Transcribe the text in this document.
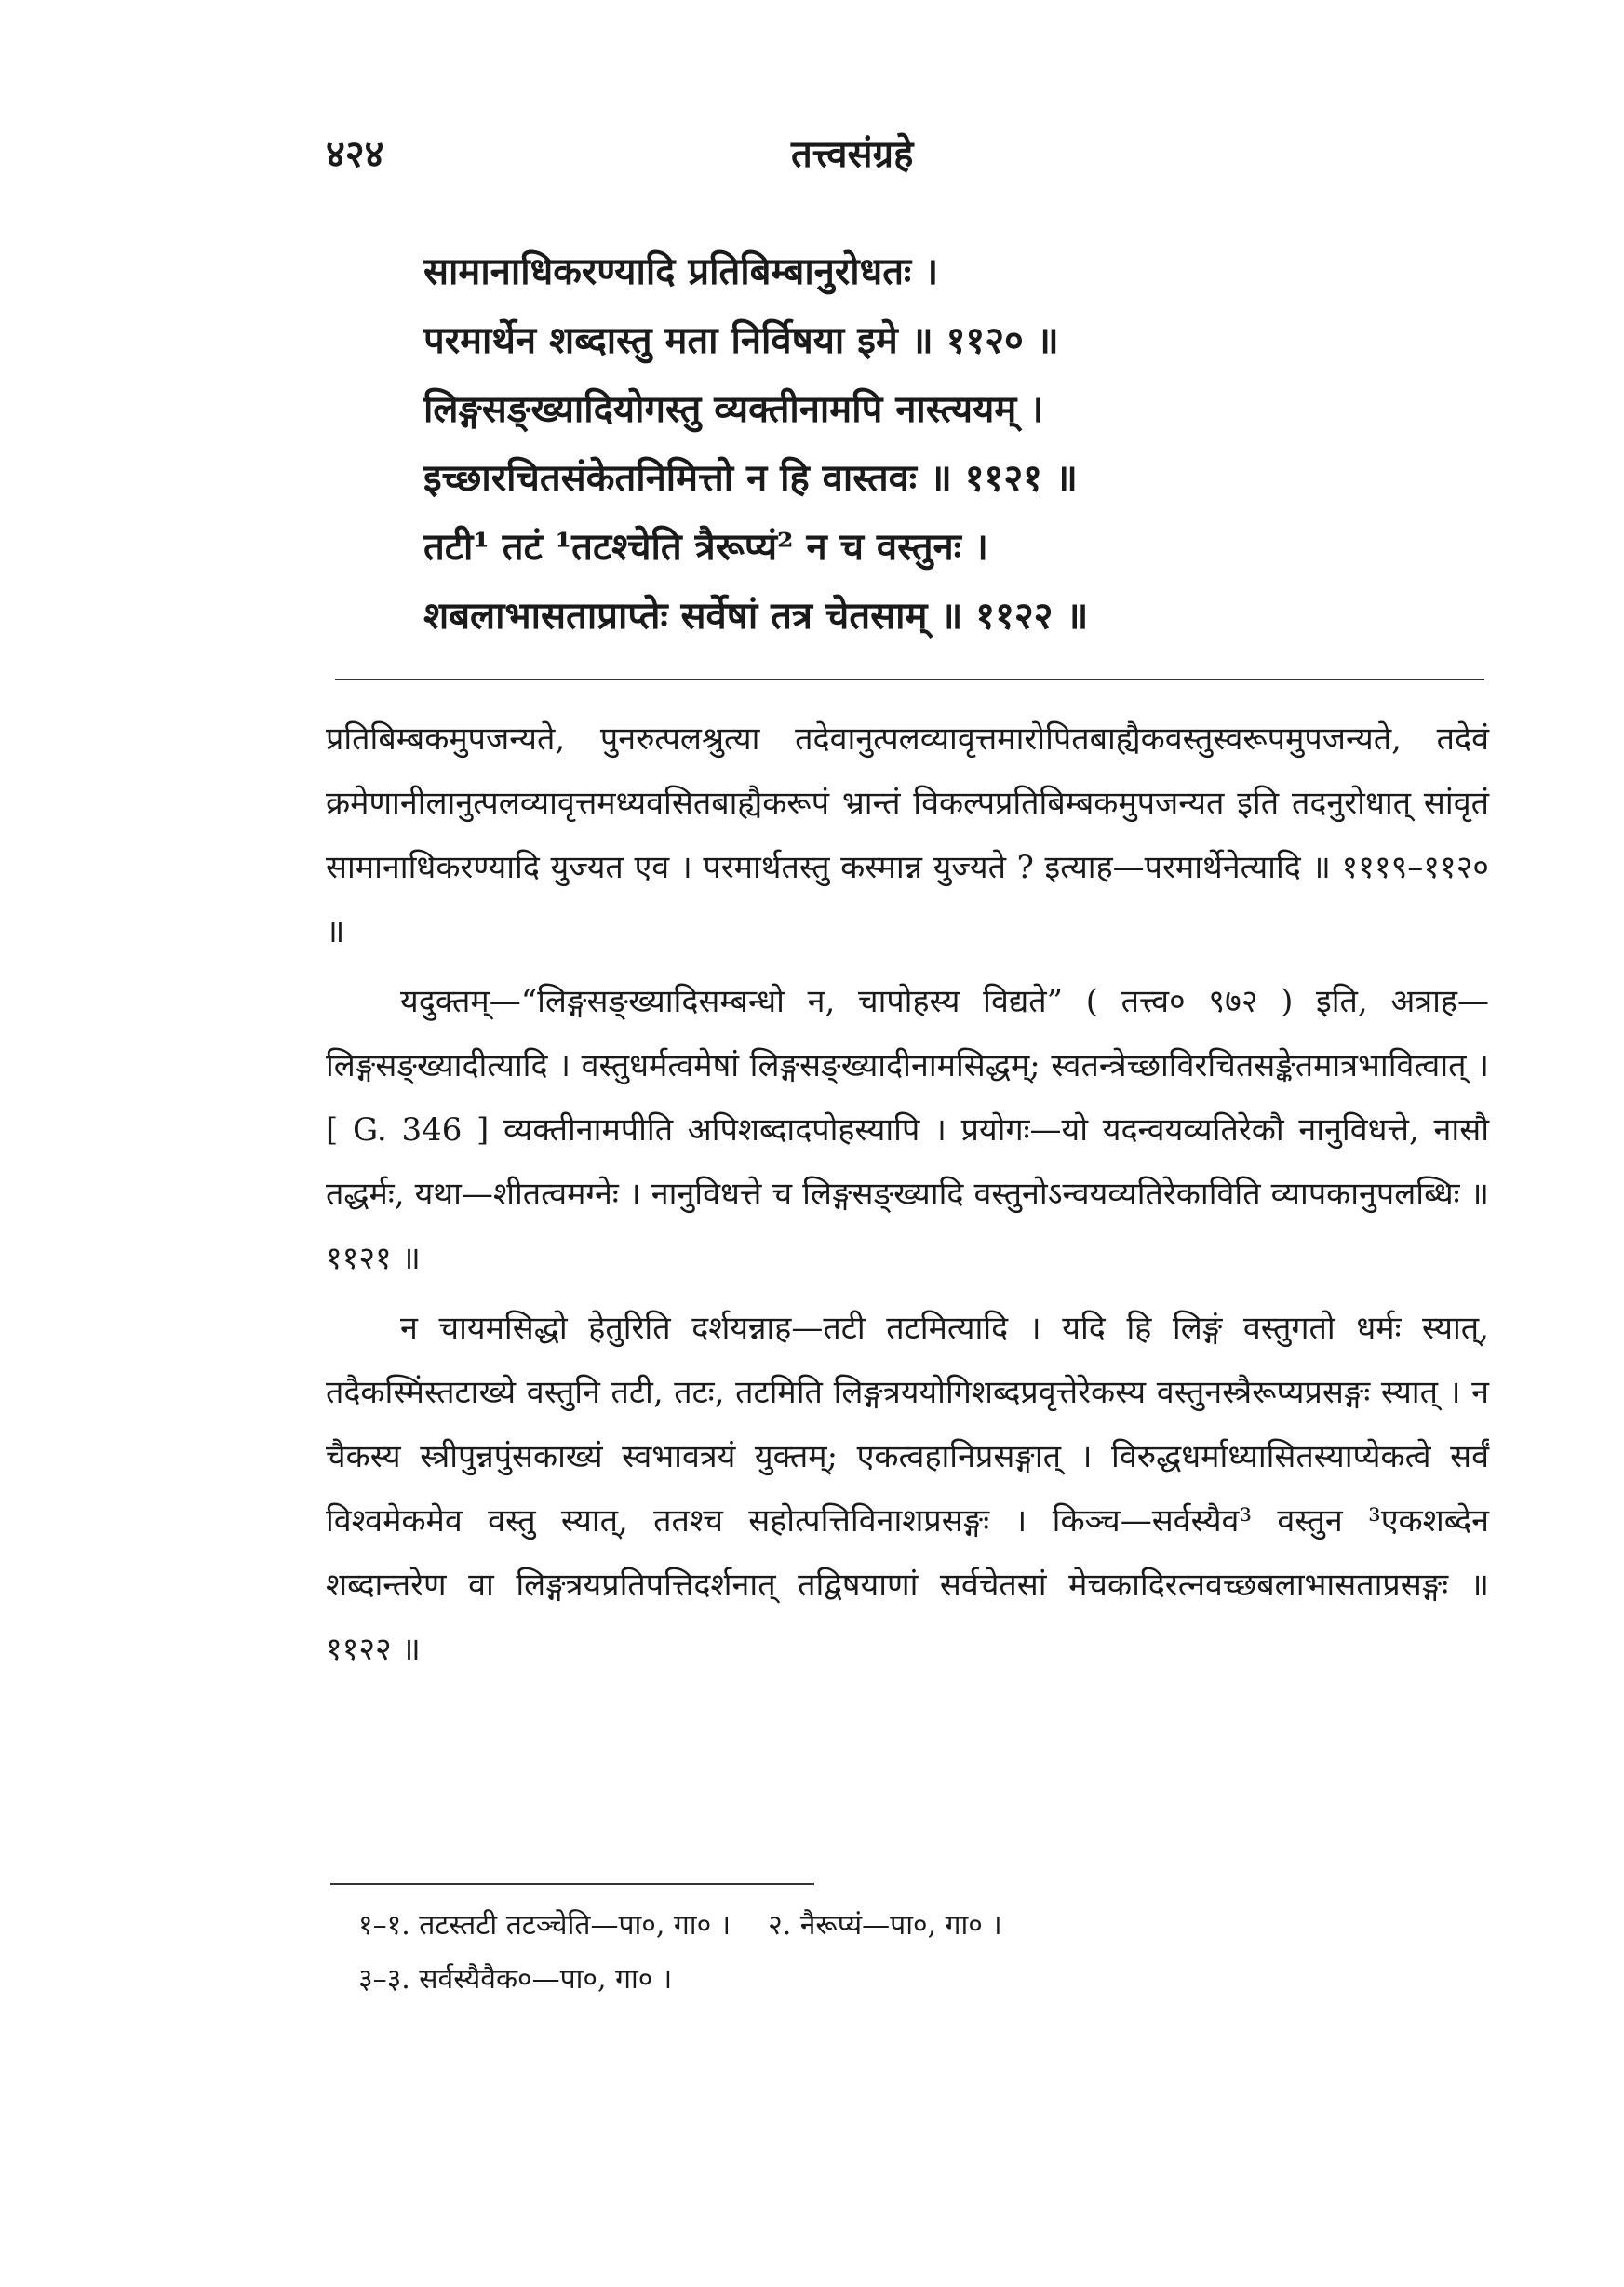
४२४	तत्त्वसंग्रहे
सामानाधिकरण्यादि प्रतिबिम्बानुरोधतः ।
परमार्थेन शब्दास्तु मता निर्विषया इमे ॥ ११२० ॥
लिङ्गसङ्ख्यादियोगस्तु व्यक्तीनामपि नास्त्ययम् ।
इच्छारचितसंकेतनिमित्तो न हि वास्तवः ॥ ११२१ ॥
तटी¹ तटं ¹तटश्चेति त्रैरूप्यं² न च वस्तुनः ।
शबलाभासताप्राप्तेः सर्वेषां तत्र चेतसाम् ॥ ११२२ ॥

प्रतिबिम्बकमुपजन्यते, पुनरुत्पलश्रुत्या तदेवानुत्पलव्यावृत्तमारोपितबाह्यैकवस्तुस्वरूपमुपजन्यते, तदेवं क्रमेणानीलानुत्पलव्यावृत्तमध्यवसितबाह्यैकरूपं भ्रान्तं विकल्पप्रतिबिम्बकमुपजन्यत इति तदनुरोधात् सांवृतं सामानाधिकरण्यादि युज्यत एव । परमार्थतस्तु कस्मान्न युज्यते ? इत्याह—परमार्थेनेत्यादि ॥ १११९–११२० ॥

यदुक्तम्—“लिङ्गसङ्ख्यादिसम्बन्धो न, चापोहस्य विद्यते” ( तत्त्व० ९७२ ) इति, अत्राह—लिङ्गसङ्ख्यादीत्यादि । वस्तुधर्मत्वमेषां लिङ्गसङ्ख्यादीनामसिद्धम्; स्वतन्त्रेच्छाविरचितसङ्केतमात्रभावित्वात् । [ G. 346 ] व्यक्तीनामपीति अपिशब्दादपोहस्यापि । प्रयोगः—यो यदन्वयव्यतिरेकौ नानुविधत्ते, नासौ तद्धर्मः, यथा—शीतत्वमग्नेः । नानुविधत्ते च लिङ्गसङ्ख्यादि वस्तुनोऽन्वयव्यतिरेकाविति व्यापकानुपलब्धिः ॥ ११२१ ॥

न चायमसिद्धो हेतुरिति दर्शयन्नाह—तटी तटमित्यादि । यदि हि लिङ्गं वस्तुगतो धर्मः स्यात्, तदैकस्मिंस्तटाख्ये वस्तुनि तटी, तटः, तटमिति लिङ्गत्रययोगिशब्दप्रवृत्तेरेकस्य वस्तुनस्त्रैरूप्यप्रसङ्गः स्यात् । न चैकस्य स्त्रीपुन्नपुंसकाख्यं स्वभावत्रयं युक्तम्; एकत्वहानिप्रसङ्गात् । विरुद्धधर्माध्यासितस्याप्येकत्वे सर्वं विश्वमेकमेव वस्तु स्यात्, ततश्च सहोत्पत्तिविनाशप्रसङ्गः । किञ्च—सर्वस्यैव³ वस्तुन ³एकशब्देन शब्दान्तरेण वा लिङ्गत्रयप्रतिपत्तिदर्शनात् तद्विषयाणां सर्वचेतसां मेचकादिरत्नवच्छबलाभासताप्रसङ्गः ॥ ११२२ ॥

१–१. तटस्तटी तटञ्चेति—पा०, गा० । २. नैरूप्यं—पा०, गा० ।
३–३. सर्वस्यैवैक०—पा०, गा० ।
